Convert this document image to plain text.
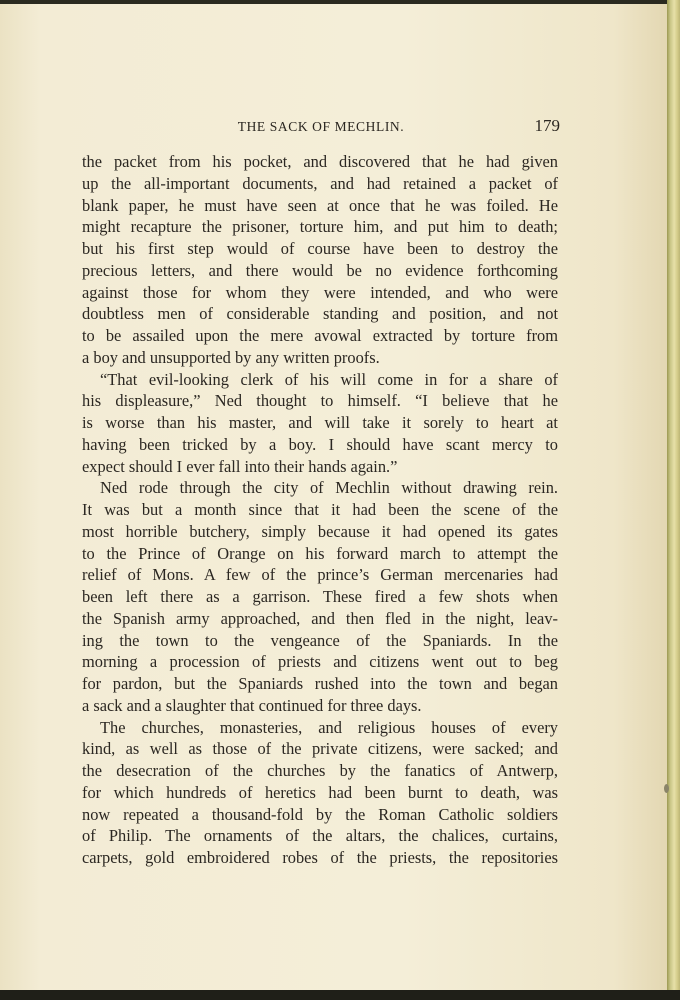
THE SACK OF MECHLIN.	179
the packet from his pocket, and discovered that he had given
up the all-important documents, and had retained a packet of
blank paper, he must have seen at once that he was foiled. He
might recapture the prisoner, torture him, and put him to death;
but his first step would of course have been to destroy the
precious letters, and there would be no evidence forthcoming
against those for whom they were intended, and who were
doubtless men of considerable standing and position, and not
to be assailed upon the mere avowal extracted by torture from
a boy and unsupported by any written proofs.
“That evil-looking clerk of his will come in for a share of
his displeasure,” Ned thought to himself. “I believe that he
is worse than his master, and will take it sorely to heart at
having been tricked by a boy. I should have scant mercy to
expect should I ever fall into their hands again.”
Ned rode through the city of Mechlin without drawing rein.
It was but a month since that it had been the scene of the
most horrible butchery, simply because it had opened its gates
to the Prince of Orange on his forward march to attempt the
relief of Mons. A few of the prince’s German mercenaries had
been left there as a garrison. These fired a few shots when
the Spanish army approached, and then fled in the night, leav-
ing the town to the vengeance of the Spaniards. In the
morning a procession of priests and citizens went out to beg
for pardon, but the Spaniards rushed into the town and began
a sack and a slaughter that continued for three days.
The churches, monasteries, and religious houses of every
kind, as well as those of the private citizens, were sacked; and
the desecration of the churches by the fanatics of Antwerp,
for which hundreds of heretics had been burnt to death, was
now repeated a thousand-fold by the Roman Catholic soldiers
of Philip. The ornaments of the altars, the chalices, curtains,
carpets, gold embroidered robes of the priests, the repositories
